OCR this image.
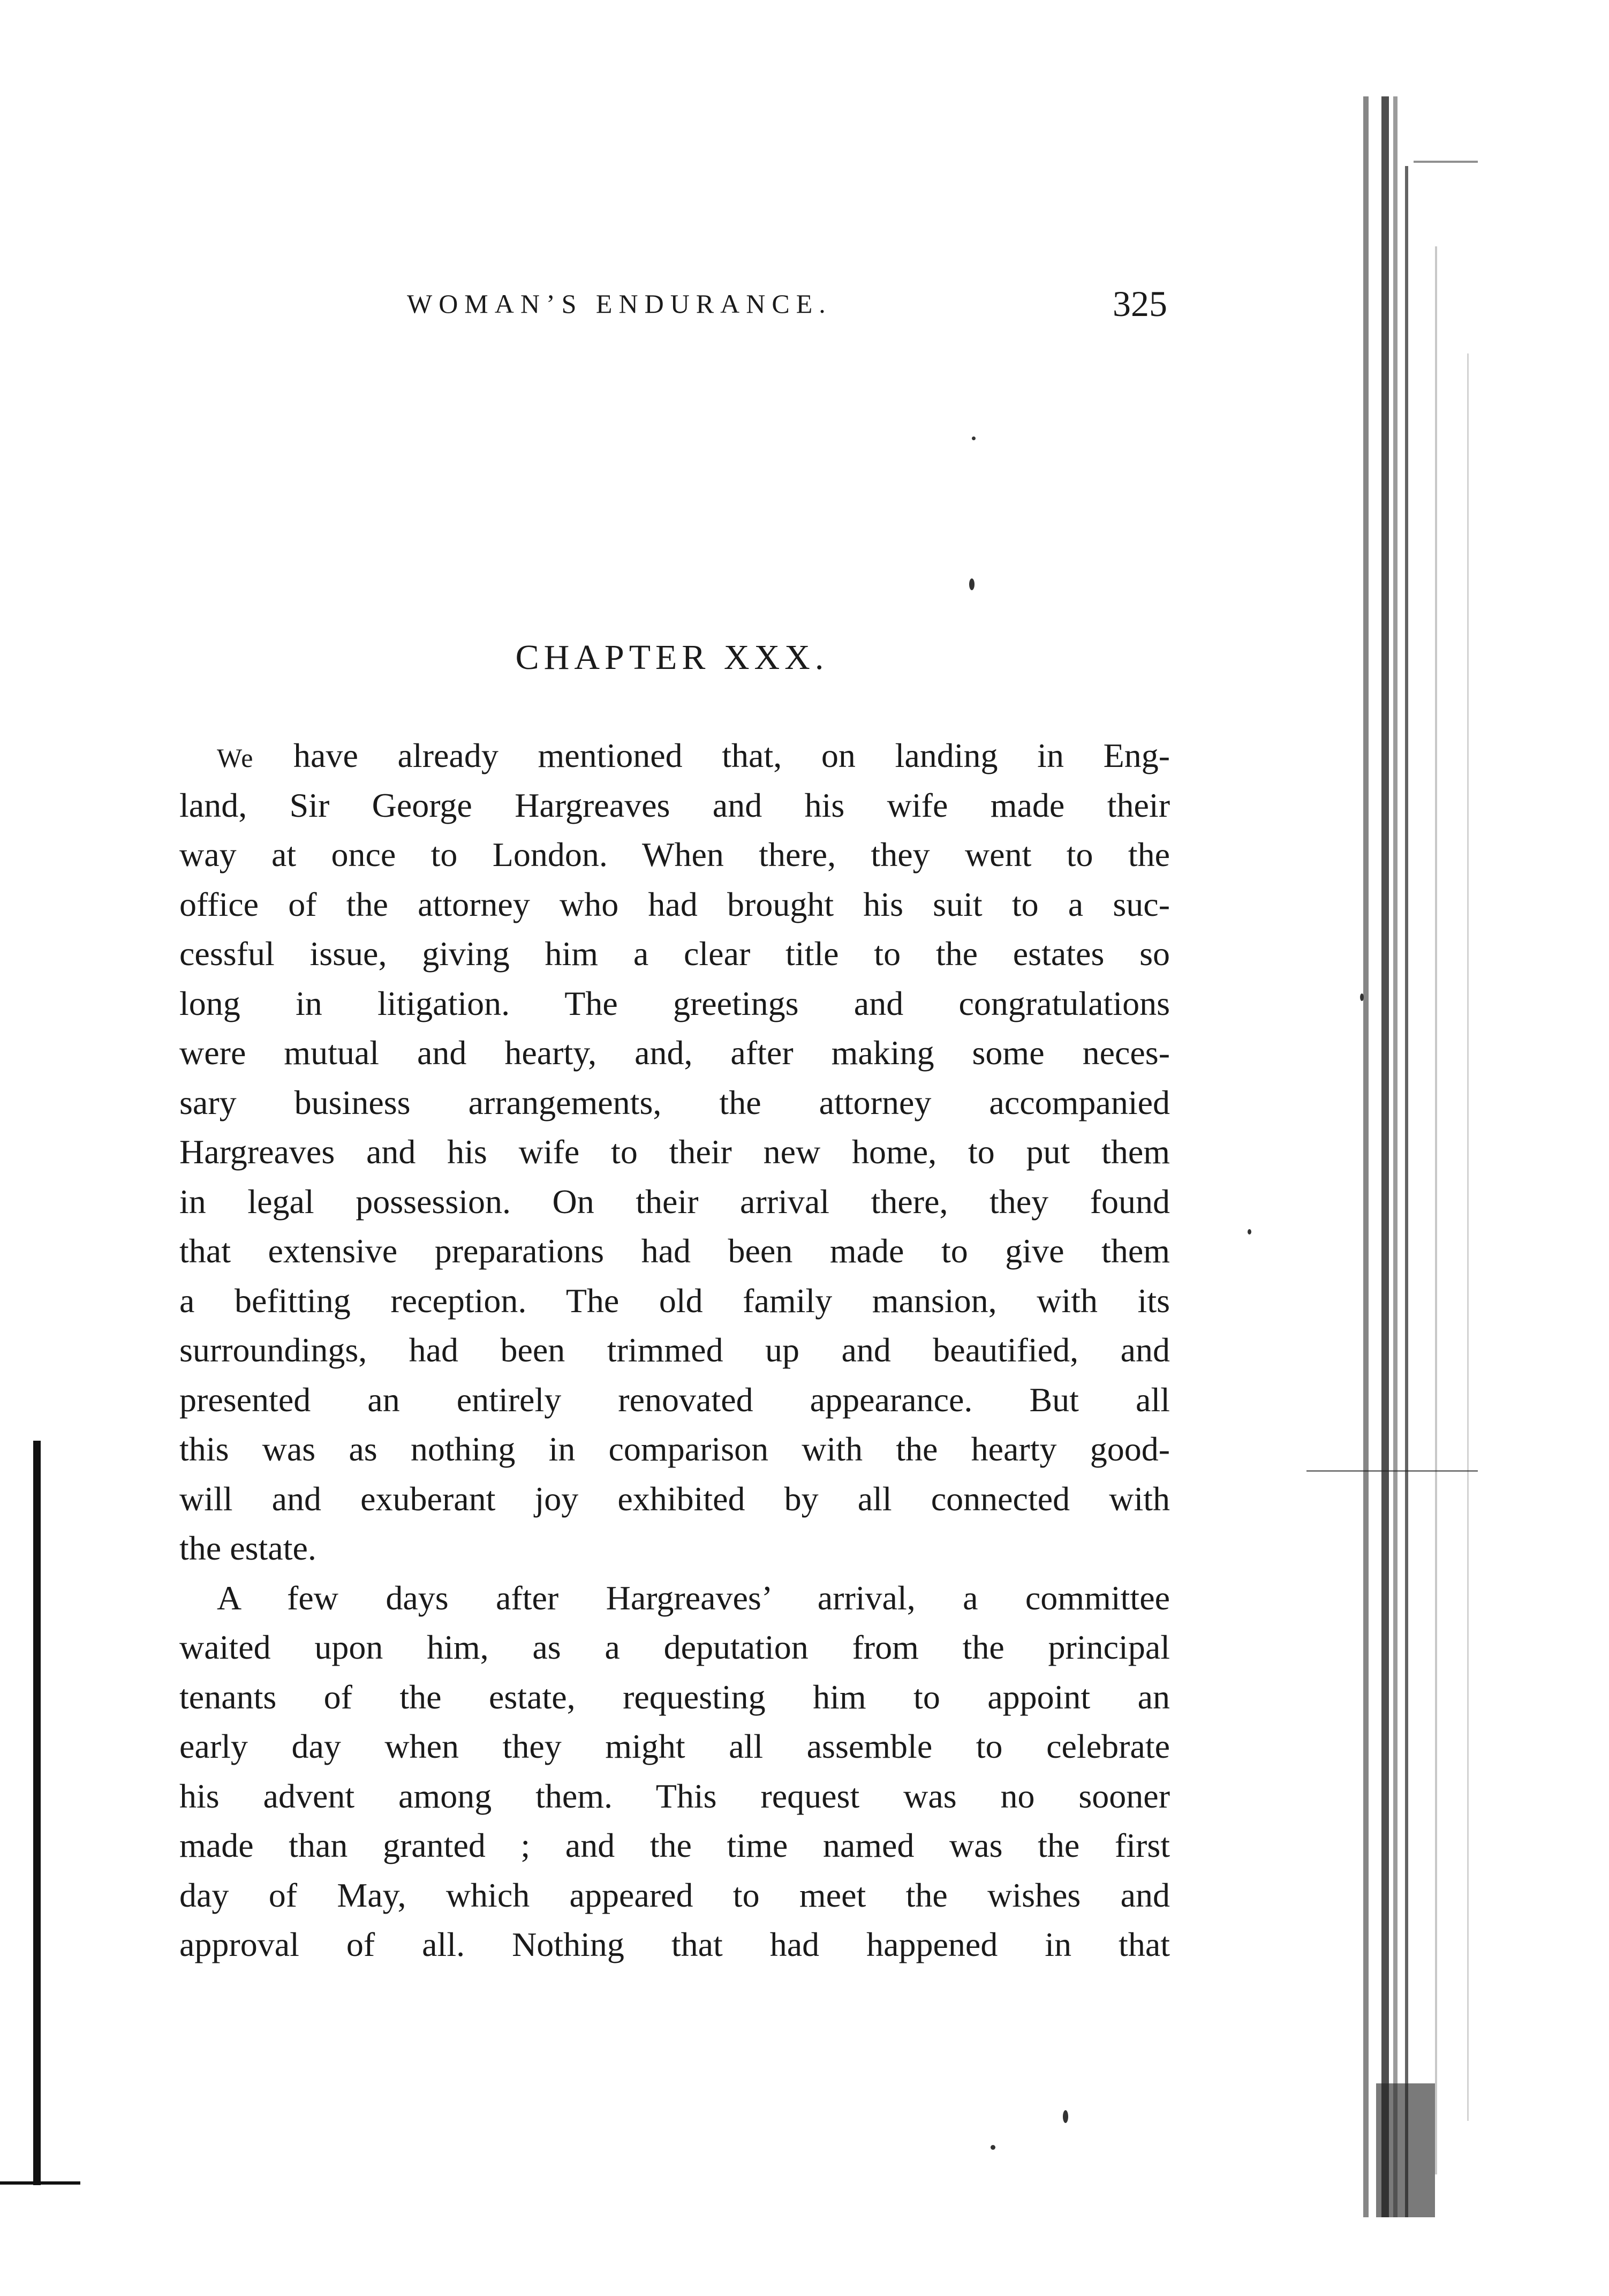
WOMAN’S ENDURANCE.	325
CHAPTER XXX.
We have already mentioned that, on landing in Eng-
land, Sir George Hargreaves and his wife made their
way at once to London. When there, they went to the
office of the attorney who had brought his suit to a suc-
cessful issue, giving him a clear title to the estates so
long in litigation. The greetings and congratulations
were mutual and hearty, and, after making some neces-
sary business arrangements, the attorney accompanied
Hargreaves and his wife to their new home, to put them
in legal possession. On their arrival there, they found
that extensive preparations had been made to give them
a befitting reception. The old family mansion, with its
surroundings, had been trimmed up and beautified, and
presented an entirely renovated appearance. But all
this was as nothing in comparison with the hearty good-
will and exuberant joy exhibited by all connected with
the estate.
A few days after Hargreaves’ arrival, a committee
waited upon him, as a deputation from the principal
tenants of the estate, requesting him to appoint an
early day when they might all assemble to celebrate
his advent among them. This request was no sooner
made than granted ; and the time named was the first
day of May, which appeared to meet the wishes and
approval of all. Nothing that had happened in that
